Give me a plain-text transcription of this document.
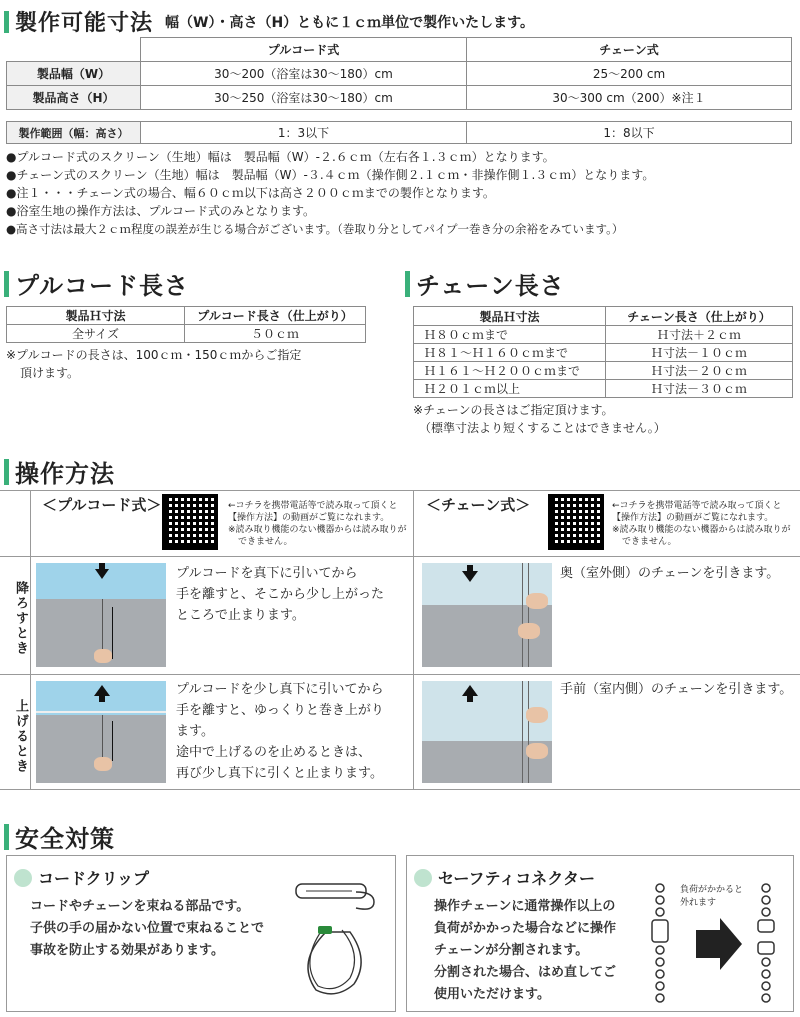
製作可能寸法 幅（W）・高さ（H）ともに１ｃｍ単位で製作いたします。
	プルコード式	チェーン式
製品幅（W）	30～200（浴室は30～180）cm	25～200 cm
製品高さ（H）	30～250（浴室は30～180）cm	30～300 cm（200）※注１
製作範囲（幅：高さ）	1：3以下	1：8以下
●プルコード式のスクリーン（生地）幅は　製品幅（W）-２.６ｃｍ（左右各１.３ｃｍ）となります。
●チェーン式のスクリーン（生地）幅は　製品幅（W）-３.４ｃｍ（操作側２.１ｃｍ・非操作側１.３ｃｍ）となります。
●注１・・・チェーン式の場合、幅６０ｃｍ以下は高さ２００ｃｍまでの製作となります。
●浴室生地の操作方法は、プルコード式のみとなります。
●高さ寸法は最大２ｃｍ程度の誤差が生じる場合がございます。（巻取り分としてパイプ一巻き分の余裕をみています。）
プルコード長さ
製品Ｈ寸法	プルコード長さ（仕上がり）
全サイズ	５０ｃｍ
※プルコードの長さは、100ｃｍ・150ｃｍからご指定
頂けます。
チェーン長さ
製品Ｈ寸法	チェーン長さ（仕上がり）
Ｈ８０ｃｍまで	Ｈ寸法＋２ｃｍ
Ｈ８１～Ｈ１６０ｃｍまで	Ｈ寸法－１０ｃｍ
Ｈ１６１～Ｈ２００ｃｍまで	Ｈ寸法－２０ｃｍ
Ｈ２０１ｃｍ以上	Ｈ寸法－３０ｃｍ
※チェーンの長さはご指定頂けます。
（標準寸法より短くすることはできません。）
操作方法
＜プルコード式＞	←コチラを携帯電話等で読み取って頂くと
【操作方法】の動画がご覧になれます。
※読み取り機能のない機器からは読み取りが
できません。
＜チェーン式＞	←コチラを携帯電話等で読み取って頂くと
【操作方法】の動画がご覧になれます。
※読み取り機能のない機器からは読み取りが
できません。
降ろすとき
上げるとき
プルコードを真下に引いてから
手を離すと、そこから少し上がった
ところで止まります。
プルコードを少し真下に引いてから
手を離すと、ゆっくりと巻き上がり
ます。
途中で上げるのを止めるときは、
再び少し真下に引くと止まります。
奥（室外側）のチェーンを引きます。
手前（室内側）のチェーンを引きます。
安全対策
コードクリップ
コードやチェーンを束ねる部品です。
子供の手の届かない位置で束ねることで
事故を防止する効果があります。
セーフティコネクター
操作チェーンに通常操作以上の
負荷がかかった場合などに操作
チェーンが分割されます。
分割された場合、はめ直してご
使用いただけます。
負荷がかかると
外れます
